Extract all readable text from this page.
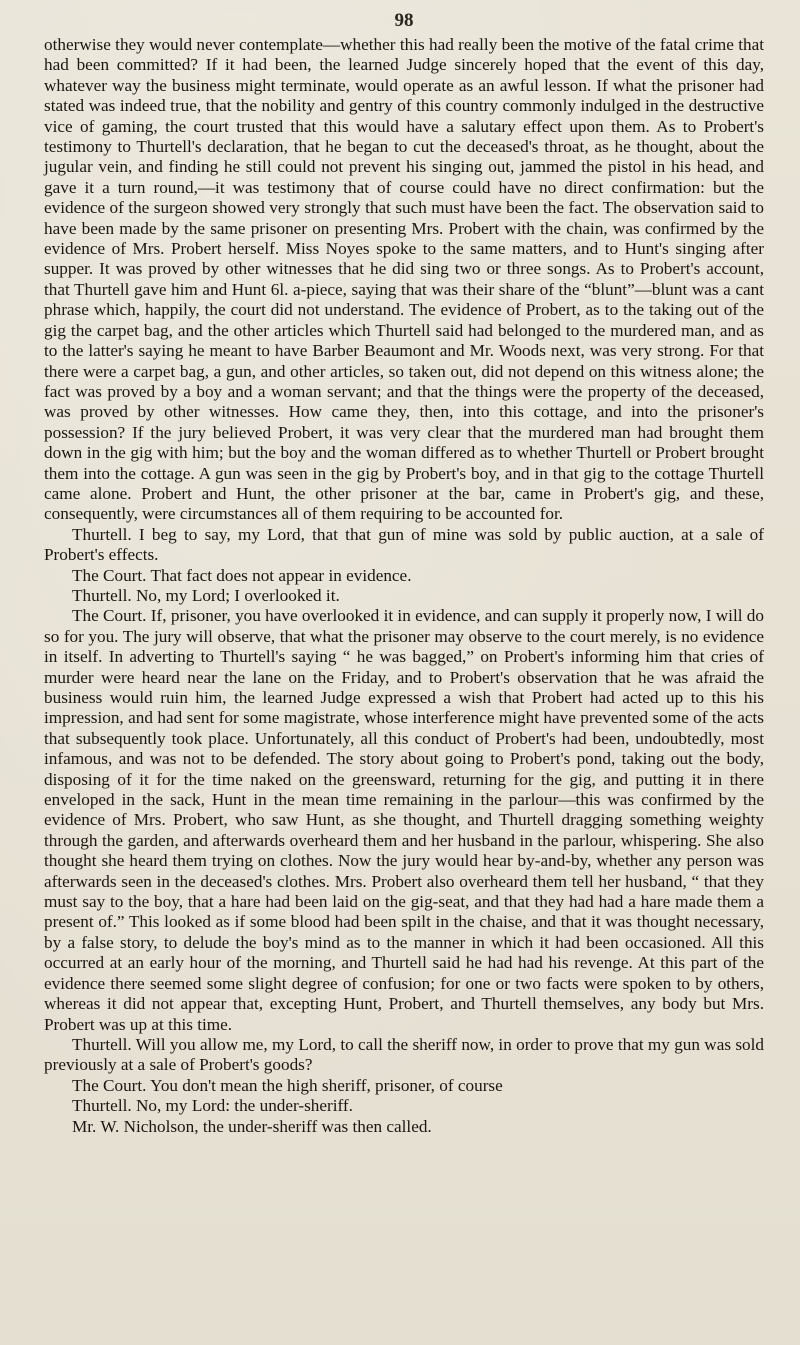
98

otherwise they would never contemplate—whether this had really been the motive of the fatal crime that had been committed? If it had been, the learned Judge sincerely hoped that the event of this day, whatever way the business might terminate, would operate as an awful lesson. If what the prisoner had stated was indeed true, that the nobility and gentry of this country commonly indulged in the destructive vice of gaming, the court trusted that this would have a salutary effect upon them. As to Probert's testimony to Thurtell's declaration, that he began to cut the deceased's throat, as he thought, about the jugular vein, and finding he still could not prevent his singing out, jammed the pistol in his head, and gave it a turn round,—it was testimony that of course could have no direct confirmation: but the evidence of the surgeon showed very strongly that such must have been the fact. The observation said to have been made by the same prisoner on presenting Mrs. Probert with the chain, was confirmed by the evidence of Mrs. Probert herself. Miss Noyes spoke to the same matters, and to Hunt's singing after supper. It was proved by other witnesses that he did sing two or three songs. As to Probert's account, that Thurtell gave him and Hunt 6l. a-piece, saying that was their share of the “blunt”—blunt was a cant phrase which, happily, the court did not understand. The evidence of Probert, as to the taking out of the gig the carpet bag, and the other articles which Thurtell said had belonged to the murdered man, and as to the latter's saying he meant to have Barber Beaumont and Mr. Woods next, was very strong. For that there were a carpet bag, a gun, and other articles, so taken out, did not depend on this witness alone; the fact was proved by a boy and a woman servant; and that the things were the property of the deceased, was proved by other witnesses. How came they, then, into this cottage, and into the prisoner's possession? If the jury believed Probert, it was very clear that the murdered man had brought them down in the gig with him; but the boy and the woman differed as to whether Thurtell or Probert brought them into the cottage. A gun was seen in the gig by Probert's boy, and in that gig to the cottage Thurtell came alone. Probert and Hunt, the other prisoner at the bar, came in Probert's gig, and these, consequently, were circumstances all of them requiring to be accounted for.

Thurtell. I beg to say, my Lord, that that gun of mine was sold by public auction, at a sale of Probert's effects.

The Court. That fact does not appear in evidence.

Thurtell. No, my Lord; I overlooked it.

The Court. If, prisoner, you have overlooked it in evidence, and can supply it properly now, I will do so for you. The jury will observe, that what the prisoner may observe to the court merely, is no evidence in itself. In adverting to Thurtell's saying “ he was bagged,” on Probert's informing him that cries of murder were heard near the lane on the Friday, and to Probert's observation that he was afraid the business would ruin him, the learned Judge expressed a wish that Probert had acted up to this his impression, and had sent for some magistrate, whose interference might have prevented some of the acts that subsequently took place. Unfortunately, all this conduct of Probert's had been, undoubtedly, most infamous, and was not to be defended. The story about going to Probert's pond, taking out the body, disposing of it for the time naked on the greensward, returning for the gig, and putting it in there enveloped in the sack, Hunt in the mean time remaining in the parlour—this was confirmed by the evidence of Mrs. Probert, who saw Hunt, as she thought, and Thurtell dragging something weighty through the garden, and afterwards overheard them and her husband in the parlour, whispering. She also thought she heard them trying on clothes. Now the jury would hear by-and-by, whether any person was afterwards seen in the deceased's clothes. Mrs. Probert also overheard them tell her husband, “ that they must say to the boy, that a hare had been laid on the gig-seat, and that they had had a hare made them a present of.” This looked as if some blood had been spilt in the chaise, and that it was thought necessary, by a false story, to delude the boy's mind as to the manner in which it had been occasioned. All this occurred at an early hour of the morning, and Thurtell said he had had his revenge. At this part of the evidence there seemed some slight degree of confusion; for one or two facts were spoken to by others, whereas it did not appear that, excepting Hunt, Probert, and Thurtell themselves, any body but Mrs. Probert was up at this time.

Thurtell. Will you allow me, my Lord, to call the sheriff now, in order to prove that my gun was sold previously at a sale of Probert's goods?

The Court. You don't mean the high sheriff, prisoner, of course

Thurtell. No, my Lord: the under-sheriff.

Mr. W. Nicholson, the under-sheriff was then called.
